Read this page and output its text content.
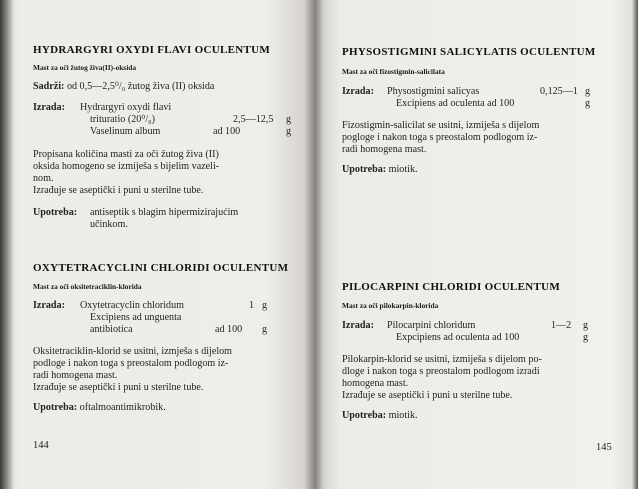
HYDRARGYRI OXYDI FLAVI OCULENTUM
Mast za oči žutog živa(II)-oksida
Sadrži: od 0,5—2,5⁰/₀ žutog živa (II) oksida
Izrada: Hydrargyri oxydi flavi
trituratio (20⁰/₀)	2,5—12,5 g
Vaselinum album	ad 100	g
Propisana količina masti za oči žutog živa (II)
oksida homogeno se izmiješa s bijelim vazeli-
nom.
Izrađuje se aseptički i puni u sterilne tube.
Upotreba: antiseptik s blagim hipermizirajućim
učinkom.
OXYTETRACYCLINI CHLORIDI OCULENTUM
Mast za oči oksitetraciklin-klorida
Izrada: Oxytetracyclin chloridum	1 g
Excipiens ad unguenta
antibiotica	ad 100 g
Oksitetraciklin-klorid se usitni, izmješa s dijelom
podloge i nakon toga s preostalom podlogom iz-
radi homogena mast.
Izrađuje se aseptički i puni u sterilne tube.
Upotreba: oftalmoantimikrobik.
144
PHYSOSTIGMINI SALICYLATIS OCULENTUM
Mast za oči fizostigmin-salicilata
Izrada: Physostigmini salicyas	0,125—1 g
Excipiens ad oculenta ad 100	g
Fizostigmin-salicilat se usitni, izmiješa s dijelom
pogloge i nakon toga s preostalom podlogom iz-
radi homogena mast.
Upotreba: miotik.
PILOCARPINI CHLORIDI OCULENTUM
Mast za oči pilokarpin-klorida
Izrada: Pilocarpini chloridum	1—2 g
Expcipiens ad oculenta ad 100	g
Pilokarpin-klorid se usitni, izmiješa s dijelom po-
dloge i nakon toga s preostalom podlogom izradi
homogena mast.
Izrađuje se aseptički i puni u sterilne tube.
Upotreba: miotik.
145
